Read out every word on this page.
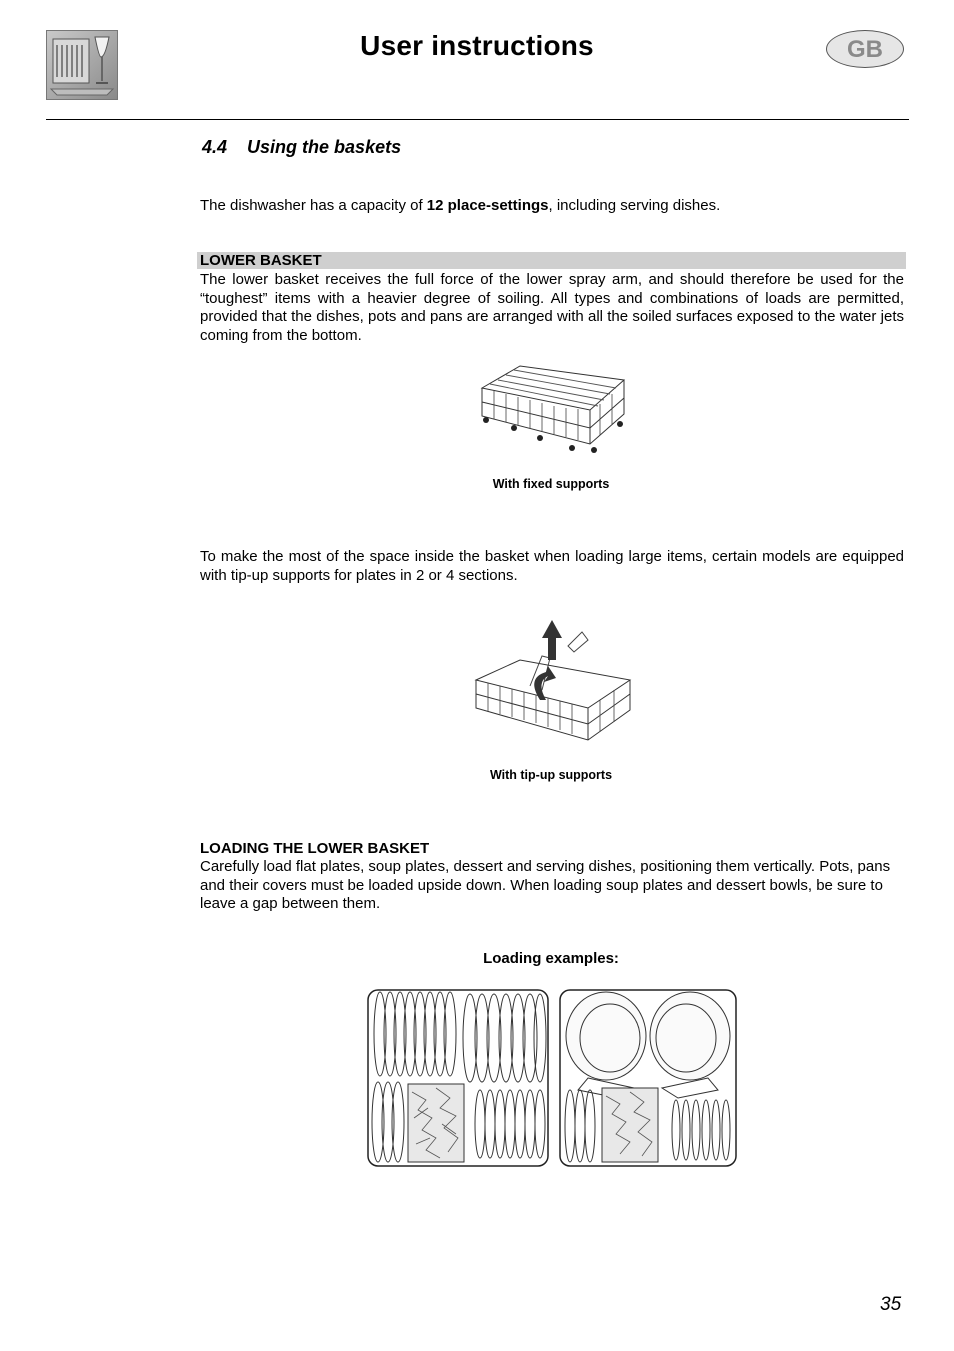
User instructions	GB
4.4 Using the baskets
The dishwasher has a capacity of 12 place-settings, including serving dishes.
LOWER BASKET
The lower basket receives the full force of the lower spray arm, and should therefore be used for the “toughest” items with a heavier degree of soiling. All types and combinations of loads are permitted, provided that the dishes, pots and pans are arranged with all the soiled surfaces exposed to the water jets coming from the bottom.
With fixed supports
To make the most of the space inside the basket when loading large items, certain models are equipped with tip-up supports for plates in 2 or 4 sections.
With tip-up supports
LOADING THE LOWER BASKET
Carefully load flat plates, soup plates, dessert and serving dishes, positioning them vertically. Pots, pans and their covers must be loaded upside down. When loading soup plates and dessert bowls, be sure to leave a gap between them.
Loading examples:
35
